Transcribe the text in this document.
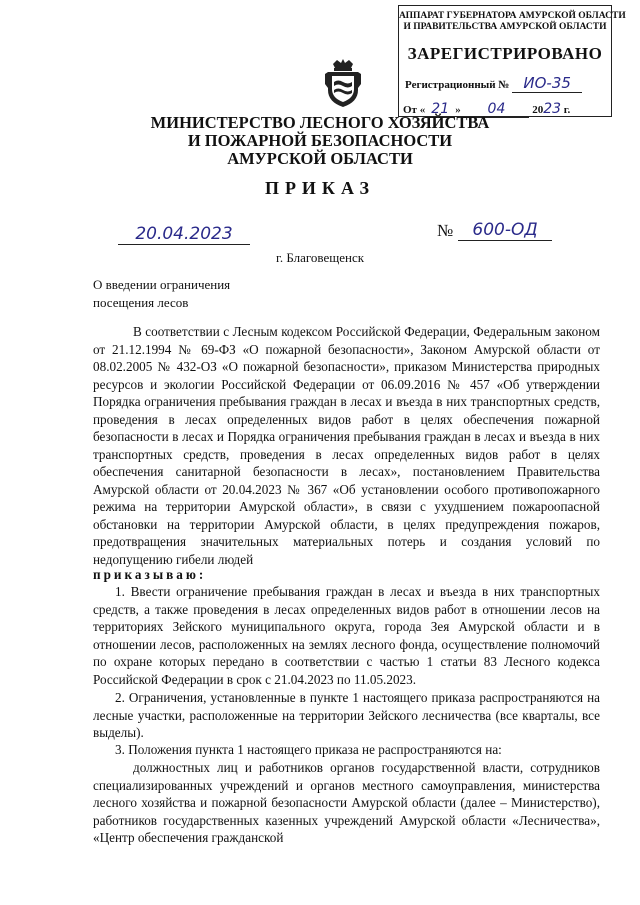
АППАРАТ ГУБЕРНАТОРА АМУРСКОЙ ОБЛАСТИ
И ПРАВИТЕЛЬСТВА АМУРСКОЙ ОБЛАСТИ
ЗАРЕГИСТРИРОВАНО
Регистрационный № ИО-35
От « 21 » 04 2023 г.
МИНИСТЕРСТВО ЛЕСНОГО ХОЗЯЙСТВА
И ПОЖАРНОЙ БЕЗОПАСНОСТИ
АМУРСКОЙ ОБЛАСТИ
ПРИКАЗ
20.04.2023	№	600-ОД
г. Благовещенск
О введении ограничения
посещения лесов
В соответствии с Лесным кодексом Российской Федерации, Федеральным законом от 21.12.1994 № 69-ФЗ «О пожарной безопасности», Законом Амурской области от 08.02.2005 № 432-ОЗ «О пожарной безопасности», приказом Министерства природных ресурсов и экологии Российской Федерации от 06.09.2016 № 457 «Об утверждении Порядка ограничения пребывания граждан в лесах и въезда в них транспортных средств, проведения в лесах определенных видов работ в целях обеспечения пожарной безопасности в лесах и Порядка ограничения пребывания граждан в лесах и въезда в них транспортных средств, проведения в лесах определенных видов работ в целях обеспечения санитарной безопасности в лесах», постановлением Правительства Амурской области от 20.04.2023 № 367 «Об установлении особого противопожарного режима на территории Амурской области», в связи с ухудшением пожароопасной обстановки на территории Амурской области, в целях предупреждения пожаров, предотвращения значительных материальных потерь и создания условий по недопущению гибели людей
приказываю:
1. Ввести ограничение пребывания граждан в лесах и въезда в них транспортных средств, а также проведения в лесах определенных видов работ в отношении лесов на территориях Зейского муниципального округа, города Зея Амурской области и в отношении лесов, расположенных на землях лесного фонда, осуществление полномочий по охране которых передано в соответствии с частью 1 статьи 83 Лесного кодекса Российской Федерации в срок с 21.04.2023 по 11.05.2023.
2. Ограничения, установленные в пункте 1 настоящего приказа распространяются на лесные участки, расположенные на территории Зейского лесничества (все кварталы, все выделы).
3. Положения пункта 1 настоящего приказа не распространяются на:
должностных лиц и работников органов государственной власти, сотрудников специализированных учреждений и органов местного самоуправления, министерства лесного хозяйства и пожарной безопасности Амурской области (далее – Министерство), работников государственных казенных учреждений Амурской области «Лесничества», «Центр обеспечения гражданской
